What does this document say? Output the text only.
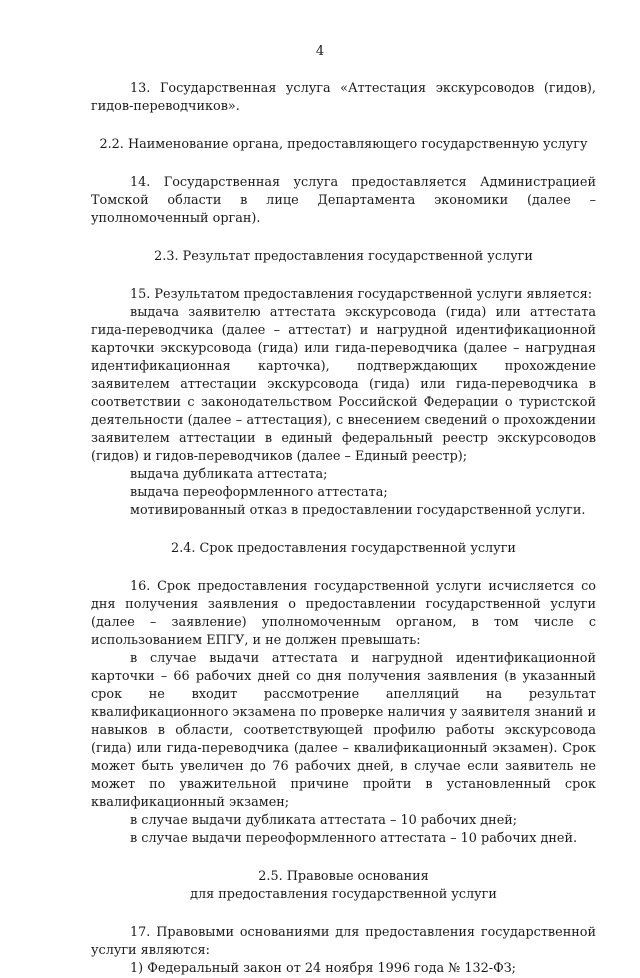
4

13. Государственная услуга «Аттестация экскурсоводов (гидов), гидов-переводчиков».

2.2. Наименование органа, предоставляющего государственную услугу

14. Государственная услуга предоставляется Администрацией Томской области в лице Департамента экономики (далее – уполномоченный орган).

2.3. Результат предоставления государственной услуги

15. Результатом предоставления государственной услуги является:

выдача заявителю аттестата экскурсовода (гида) или аттестата гида-переводчика (далее – аттестат) и нагрудной идентификационной карточки экскурсовода (гида) или гида-переводчика (далее – нагрудная идентификационная карточка), подтверждающих прохождение заявителем аттестации экскурсовода (гида) или гида-переводчика в соответствии с законодательством Российской Федерации о туристской деятельности (далее – аттестация), с внесением сведений о прохождении заявителем аттестации в единый федеральный реестр экскурсоводов (гидов) и гидов-переводчиков (далее – Единый реестр);

выдача дубликата аттестата;

выдача переоформленного аттестата;

мотивированный отказ в предоставлении государственной услуги.

2.4. Срок предоставления государственной услуги

16. Срок предоставления государственной услуги исчисляется со дня получения заявления о предоставлении государственной услуги (далее – заявление) уполномоченным органом, в том числе с использованием ЕПГУ, и не должен превышать:

в случае выдачи аттестата и нагрудной идентификационной карточки – 66 рабочих дней со дня получения заявления (в указанный срок не входит рассмотрение апелляций на результат квалификационного экзамена по проверке наличия у заявителя знаний и навыков в области, соответствующей профилю работы экскурсовода (гида) или гида-переводчика (далее – квалификационный экзамен). Срок может быть увеличен до 76 рабочих дней, в случае если заявитель не может по уважительной причине пройти в установленный срок квалификационный экзамен;

в случае выдачи дубликата аттестата – 10 рабочих дней;

в случае выдачи переоформленного аттестата – 10 рабочих дней.

2.5. Правовые основания

для предоставления государственной услуги

17. Правовыми основаниями для предоставления государственной услуги являются:

1) Федеральный закон от 24 ноября 1996 года № 132-ФЗ;
